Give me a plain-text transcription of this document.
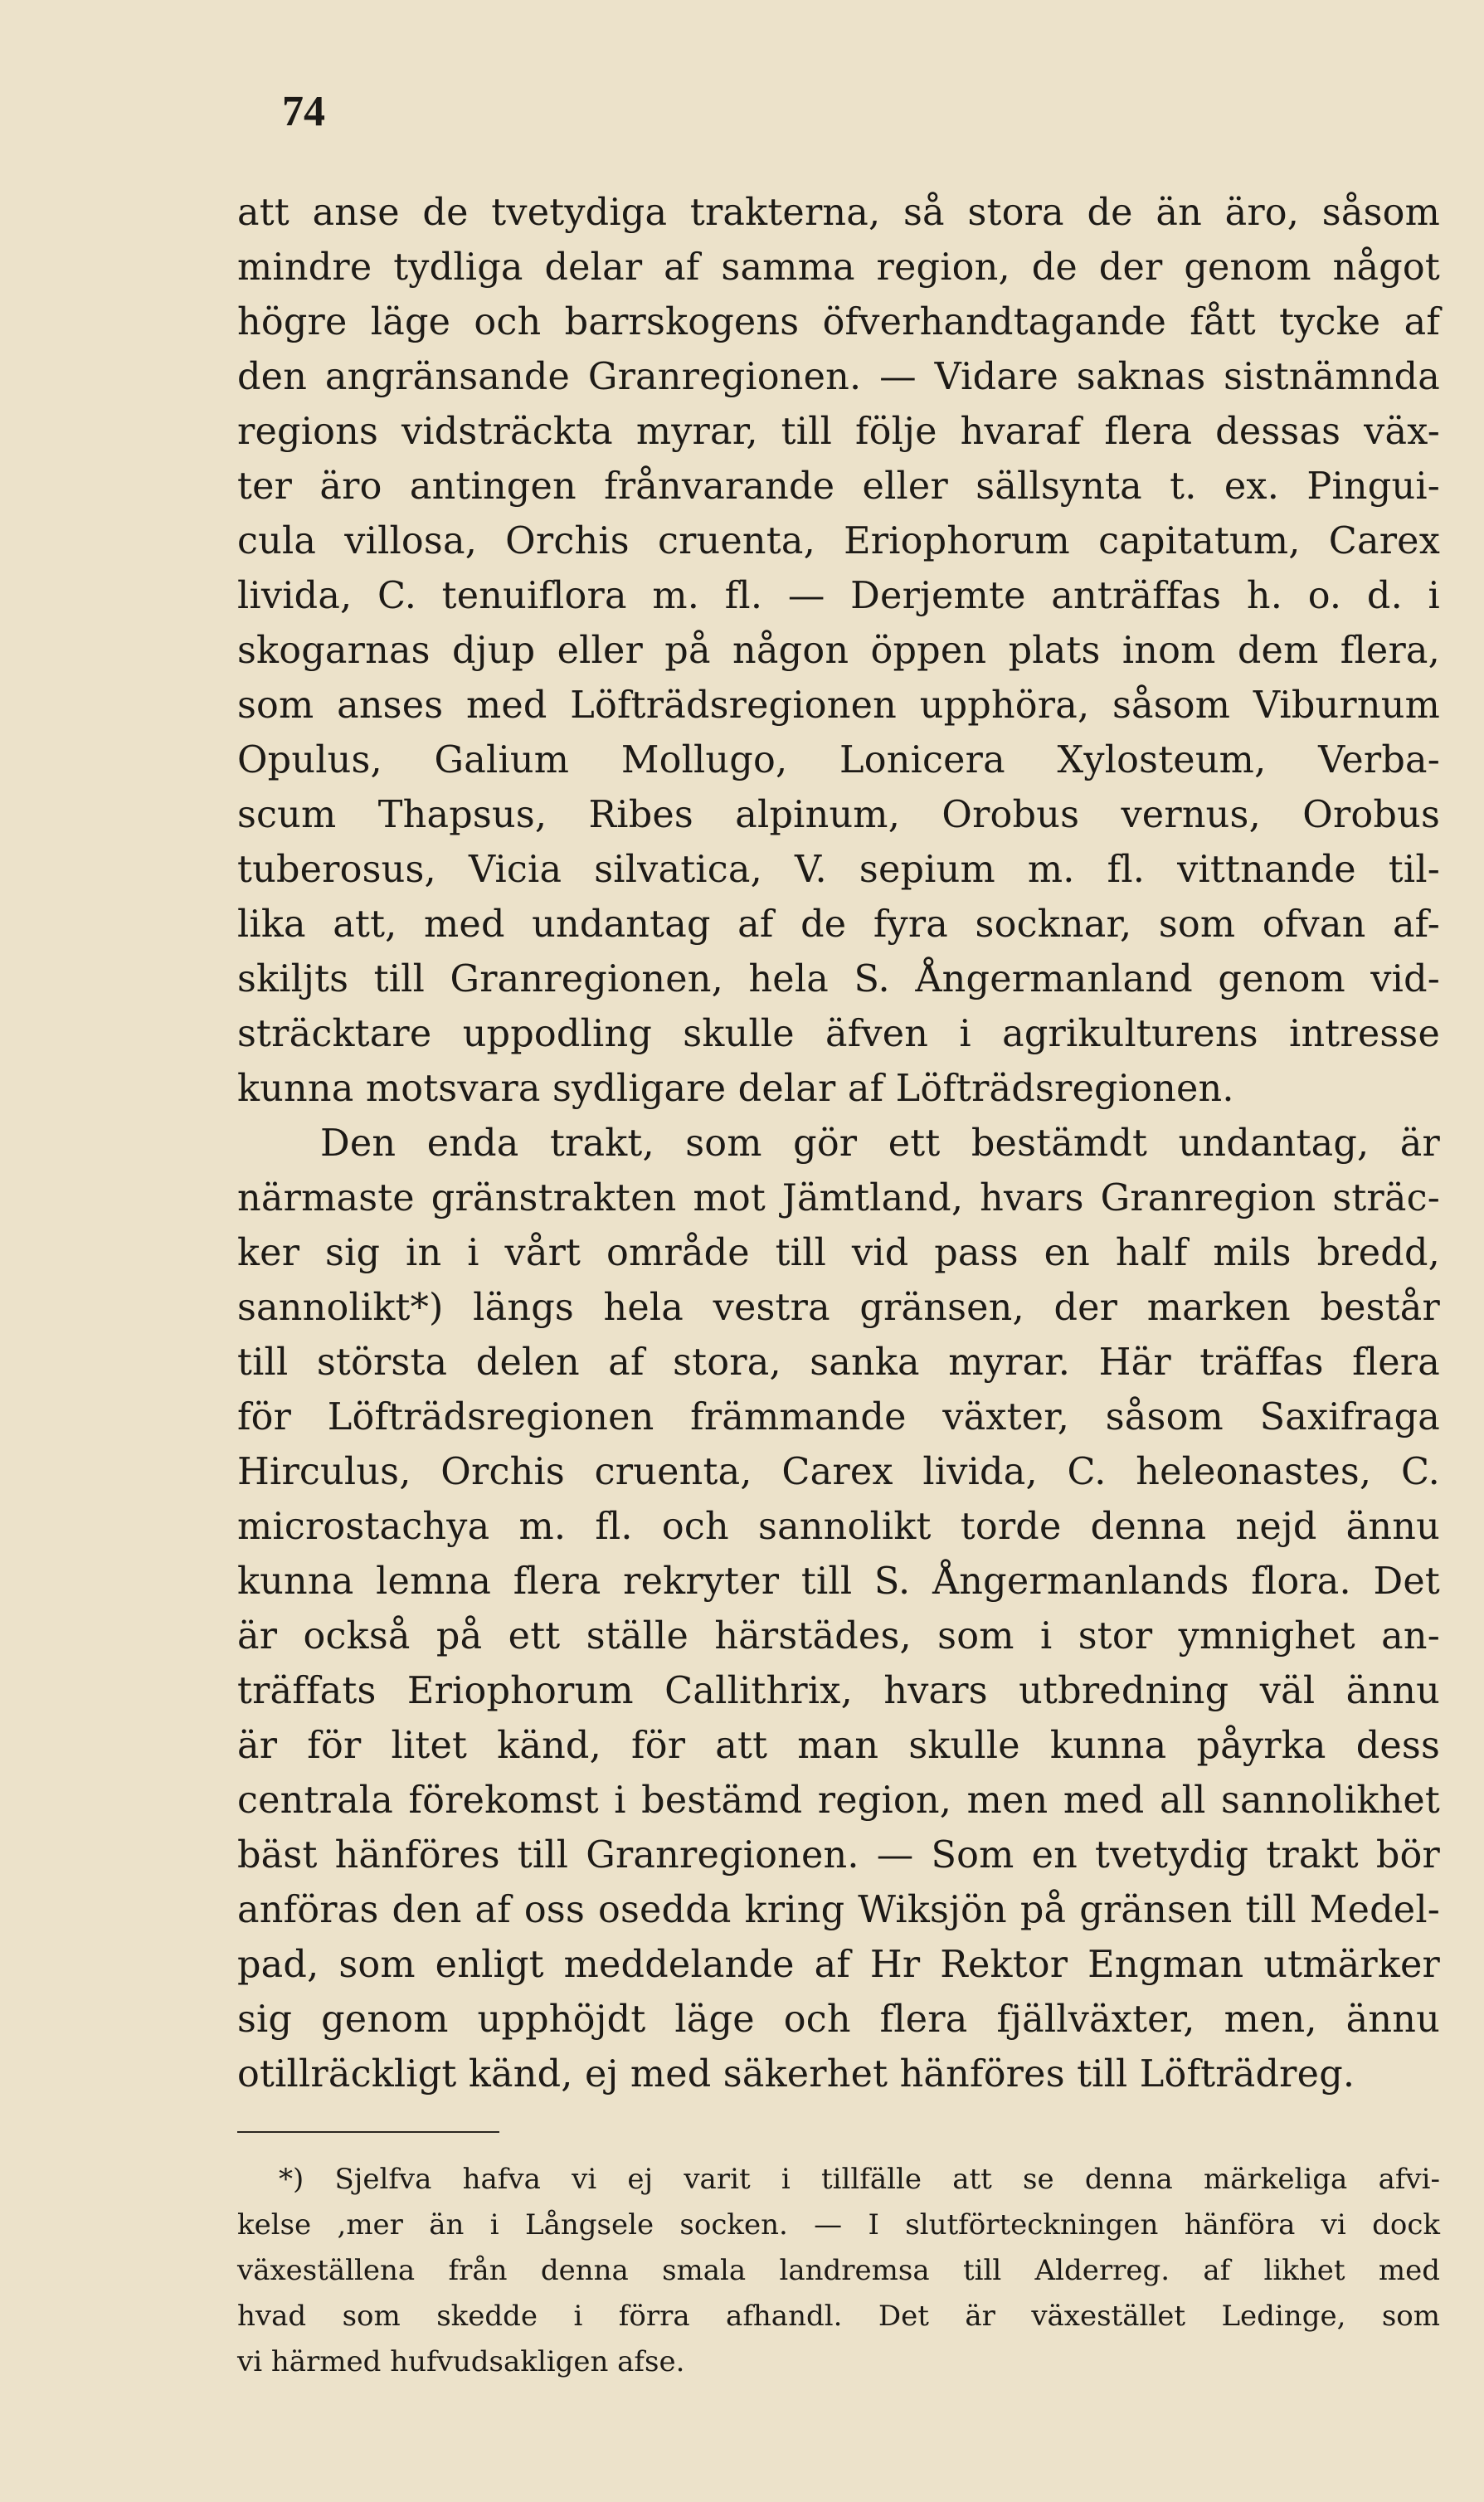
74
att anse de tvetydiga trakterna, så stora de än äro, såsom
mindre tydliga delar af samma region, de der genom något
högre läge och barrskogens öfverhandtagande fått tycke af
den angränsande Granregionen. — Vidare saknas sistnämnda
regions vidsträckta myrar, till följe hvaraf flera dessas väx-
ter äro antingen frånvarande eller sällsynta t. ex. Pingui-
cula villosa, Orchis cruenta, Eriophorum capitatum, Carex
livida, C. tenuiflora m. fl. — Derjemte anträffas h. o. d. i
skogarnas djup eller på någon öppen plats inom dem flera,
som anses med Löfträdsregionen upphöra, såsom Viburnum
Opulus, Galium Mollugo, Lonicera Xylosteum, Verba-
scum Thapsus, Ribes alpinum, Orobus vernus, Orobus
tuberosus, Vicia silvatica, V. sepium m. fl. vittnande til-
lika att, med undantag af de fyra socknar, som ofvan af-
skiljts till Granregionen, hela S. Ångermanland genom vid-
sträcktare uppodling skulle äfven i agrikulturens intresse
kunna motsvara sydligare delar af Löfträdsregionen.
Den enda trakt, som gör ett bestämdt undantag, är
närmaste gränstrakten mot Jämtland, hvars Granregion sträc-
ker sig in i vårt område till vid pass en half mils bredd,
sannolikt*) längs hela vestra gränsen, der marken består
till största delen af stora, sanka myrar. Här träffas flera
för Löfträdsregionen främmande växter, såsom Saxifraga
Hirculus, Orchis cruenta, Carex livida, C. heleonastes, C.
microstachya m. fl. och sannolikt torde denna nejd ännu
kunna lemna flera rekryter till S. Ångermanlands flora. Det
är också på ett ställe härstädes, som i stor ymnighet an-
träffats Eriophorum Callithrix, hvars utbredning väl ännu
är för litet känd, för att man skulle kunna påyrka dess
centrala förekomst i bestämd region, men med all sannolikhet
bäst hänföres till Granregionen. — Som en tvetydig trakt bör
anföras den af oss osedda kring Wiksjön på gränsen till Medel-
pad, som enligt meddelande af Hr Rektor Engman utmärker
sig genom upphöjdt läge och flera fjällväxter, men, ännu
otillräckligt känd, ej med säkerhet hänföres till Löfträdreg.
*) Sjelfva hafva vi ej varit i tillfälle att se denna märkeliga afvi-
kelse ,mer än i Långsele socken. — I slutförteckningen hänföra vi dock
växeställena från denna smala landremsa till Alderreg. af likhet med
hvad som skedde i förra afhandl. Det är växestället Ledinge, som
vi härmed hufvudsakligen afse.
